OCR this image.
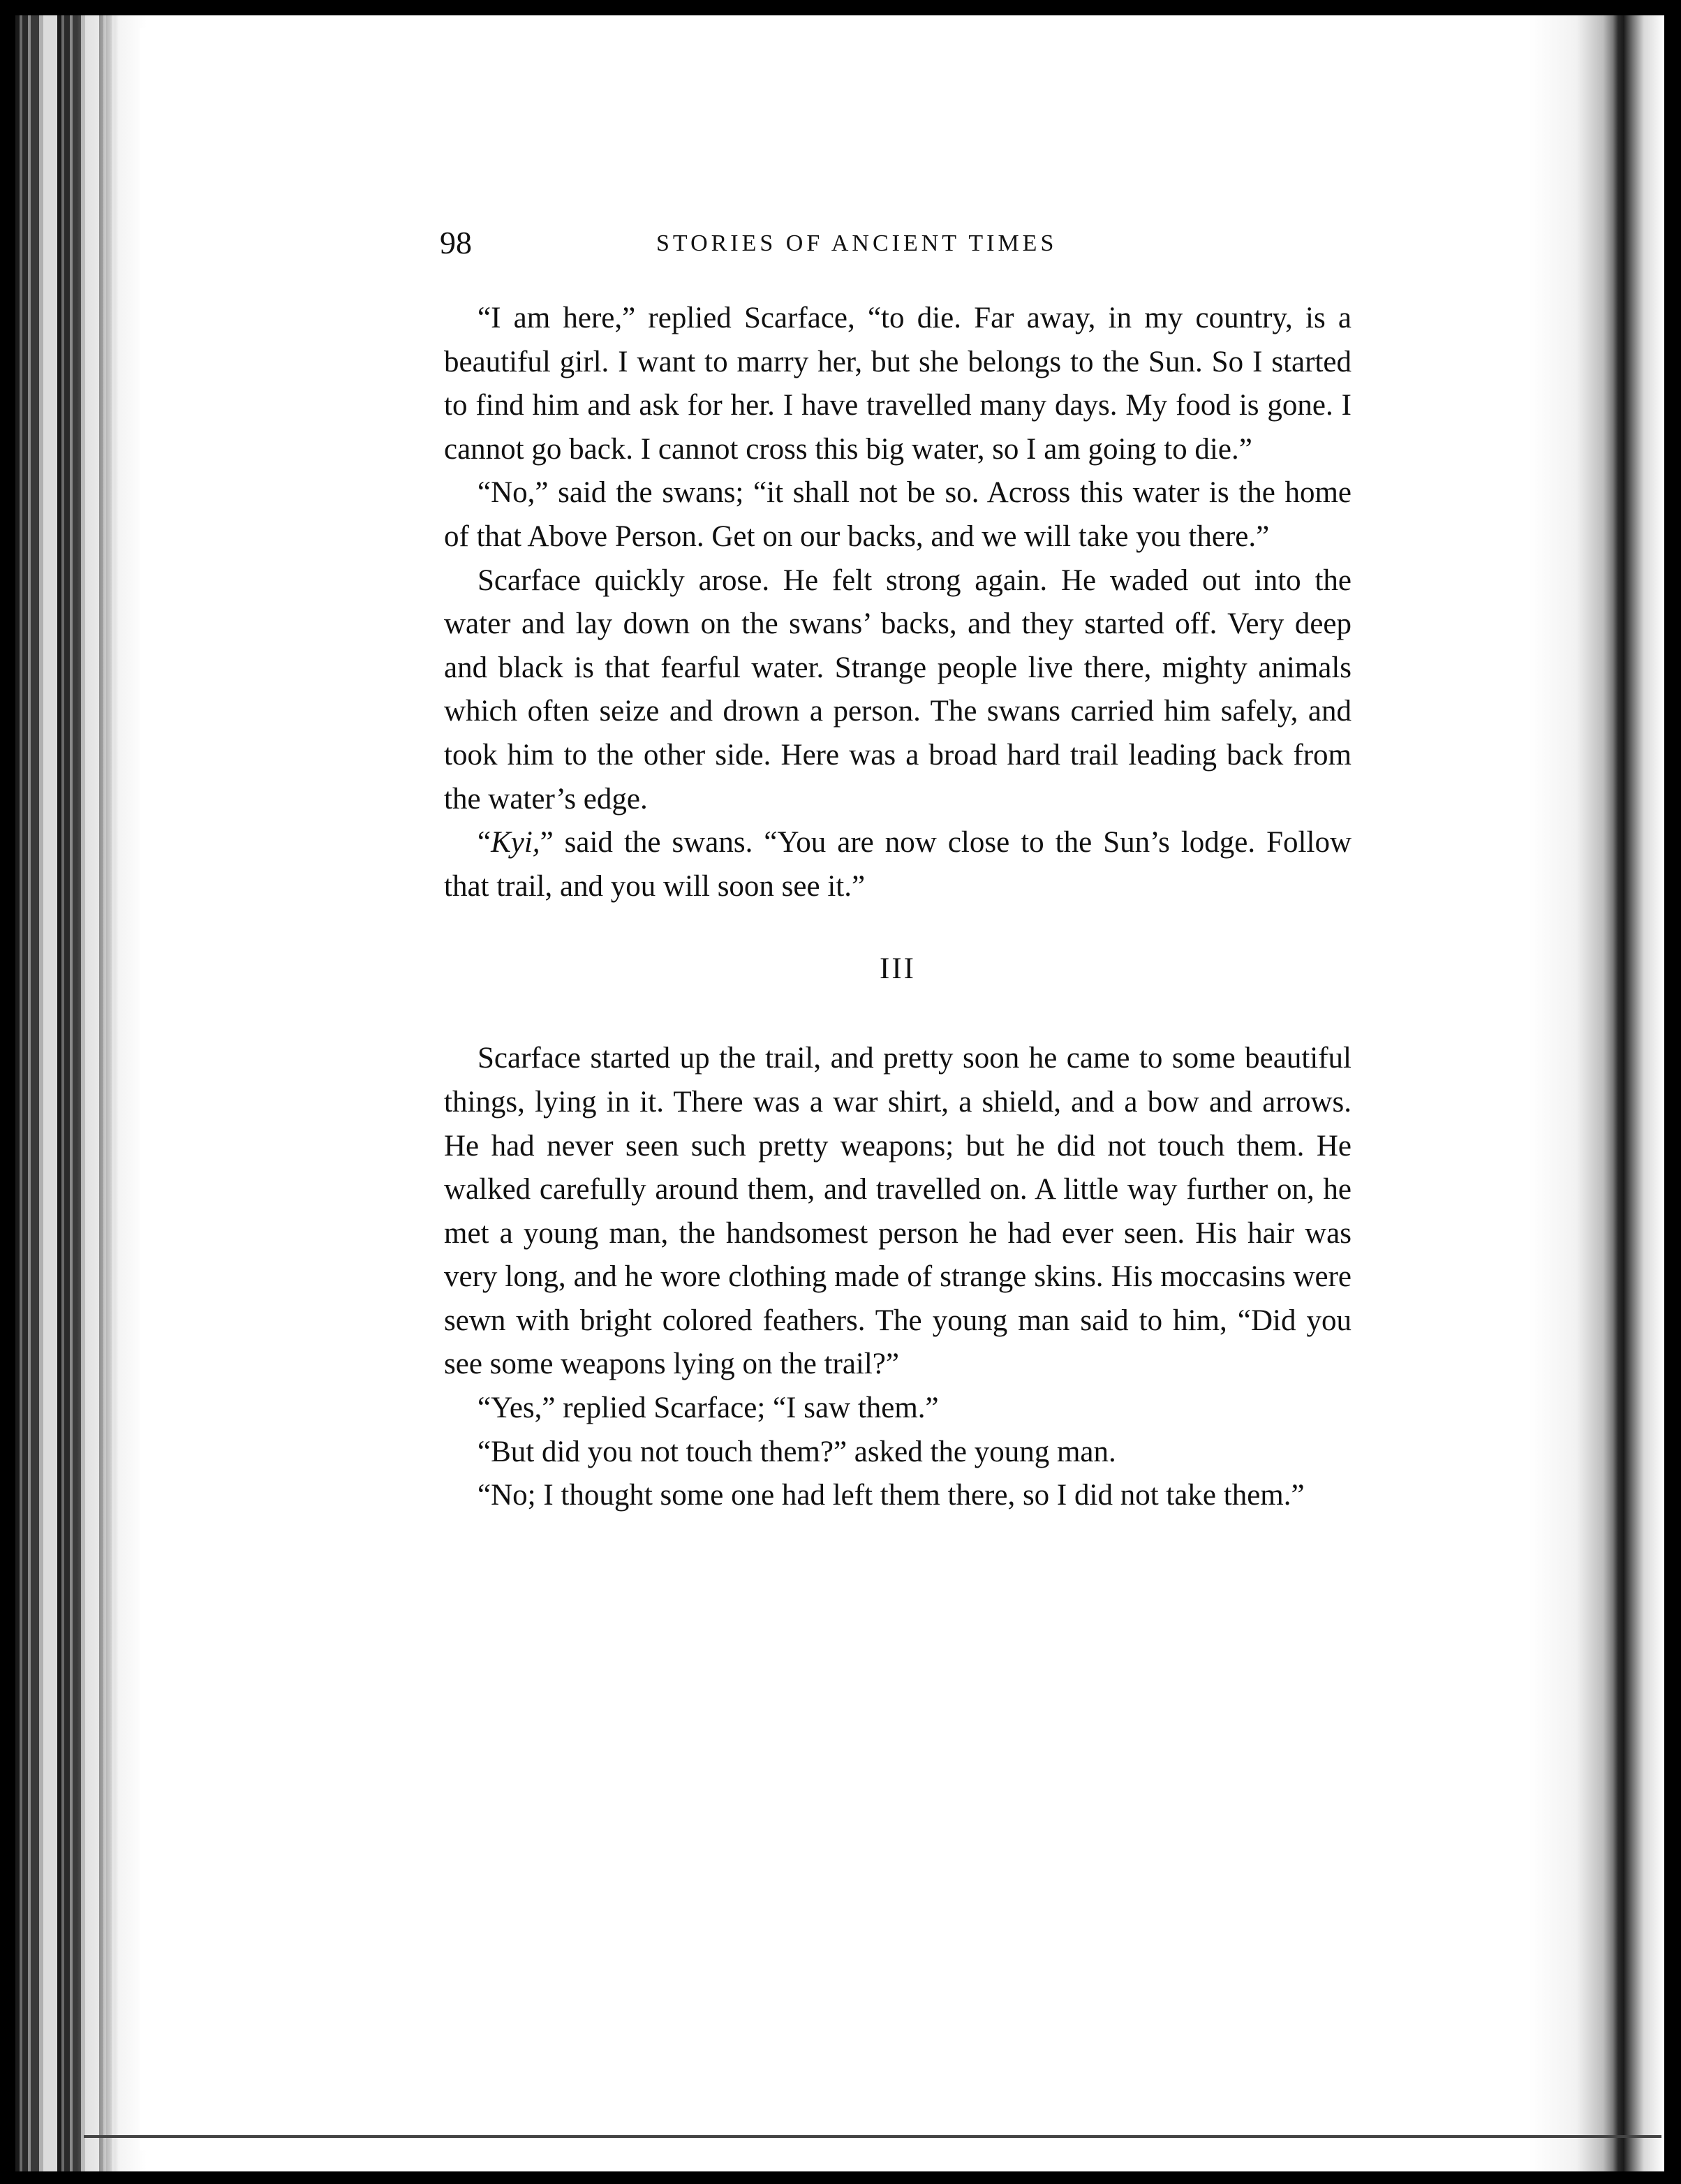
98	STORIES OF ANCIENT TIMES

“I am here,” replied Scarface, “to die. Far away, in my country, is a beautiful girl. I want to marry her, but she belongs to the Sun. So I started to find him and ask for her. I have travelled many days. My food is gone. I cannot go back. I cannot cross this big water, so I am going to die.”

“No,” said the swans; “it shall not be so. Across this water is the home of that Above Person. Get on our backs, and we will take you there.”

Scarface quickly arose. He felt strong again. He waded out into the water and lay down on the swans’ backs, and they started off. Very deep and black is that fearful water. Strange people live there, mighty animals which often seize and drown a person. The swans carried him safely, and took him to the other side. Here was a broad hard trail leading back from the water’s edge.

“Kyi,” said the swans. “You are now close to the Sun’s lodge. Follow that trail, and you will soon see it.”

III

Scarface started up the trail, and pretty soon he came to some beautiful things, lying in it. There was a war shirt, a shield, and a bow and arrows. He had never seen such pretty weapons; but he did not touch them. He walked carefully around them, and travelled on. A little way further on, he met a young man, the handsomest person he had ever seen. His hair was very long, and he wore clothing made of strange skins. His moccasins were sewn with bright colored feathers. The young man said to him, “Did you see some weapons lying on the trail?”

“Yes,” replied Scarface; “I saw them.”

“But did you not touch them?” asked the young man.

“No; I thought some one had left them there, so I did not take them.”
